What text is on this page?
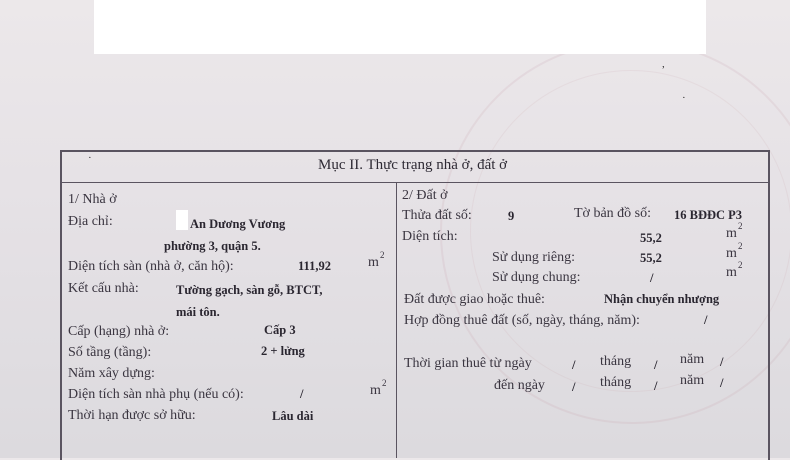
,
·
·	Mục II. Thực trạng nhà ở, đất ở
1/ Nhà ở
Địa chỉ:	An Dương Vương
phường 3, quận 5.
Diện tích sàn (nhà ở, căn hộ):	111,92	m 2
Kết cấu nhà:	Tường gạch, sàn gỗ, BTCT,
mái tôn.
Cấp (hạng) nhà ở:	Cấp 3
Số tầng (tầng):	2 + lửng
Năm xây dựng:
Diện tích sàn nhà phụ (nếu có):	/	m 2
Thời hạn được sở hữu:	Lâu dài
2/ Đất ở
Thửa đất số:	9	Tờ bản đồ số: 16 BĐĐC P3
Diện tích:	55,2	m 2
Sử dụng riêng:	55,2	m 2
Sử dụng chung:	/	m 2
Đất được giao hoặc thuê:	Nhận chuyển nhượng
Hợp đồng thuê đất (số, ngày, tháng, năm):	/
Thời gian thuê từ ngày	/ tháng / năm /
đến ngày / tháng / năm /
